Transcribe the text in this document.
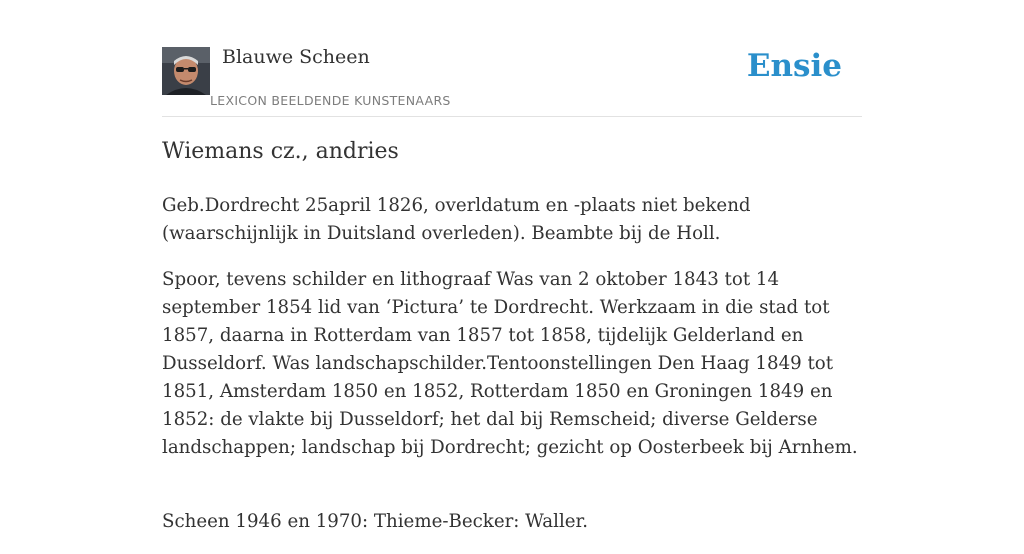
Blauwe Scheen
LEXICON BEELDENDE KUNSTENAARS
Ensie
Wiemans cz., andries

Geb.Dordrecht 25april 1826, overldatum en -plaats niet bekend (waarschijnlijk in Duitsland overleden). Beambte bij de Holl.

Spoor, tevens schilder en lithograaf Was van 2 oktober 1843 tot 14 september 1854 lid van ‘Pictura’ te Dordrecht. Werkzaam in die stad tot 1857, daarna in Rotterdam van 1857 tot 1858, tijdelijk Gelderland en Dusseldorf. Was landschapschilder.Tentoonstellingen Den Haag 1849 tot 1851, Amsterdam 1850 en 1852, Rotterdam 1850 en Groningen 1849 en 1852: de vlakte bij Dusseldorf; het dal bij Remscheid; diverse Gelderse landschappen; landschap bij Dordrecht; gezicht op Oosterbeek bij Arnhem.

Scheen 1946 en 1970: Thieme-Becker: Waller.
